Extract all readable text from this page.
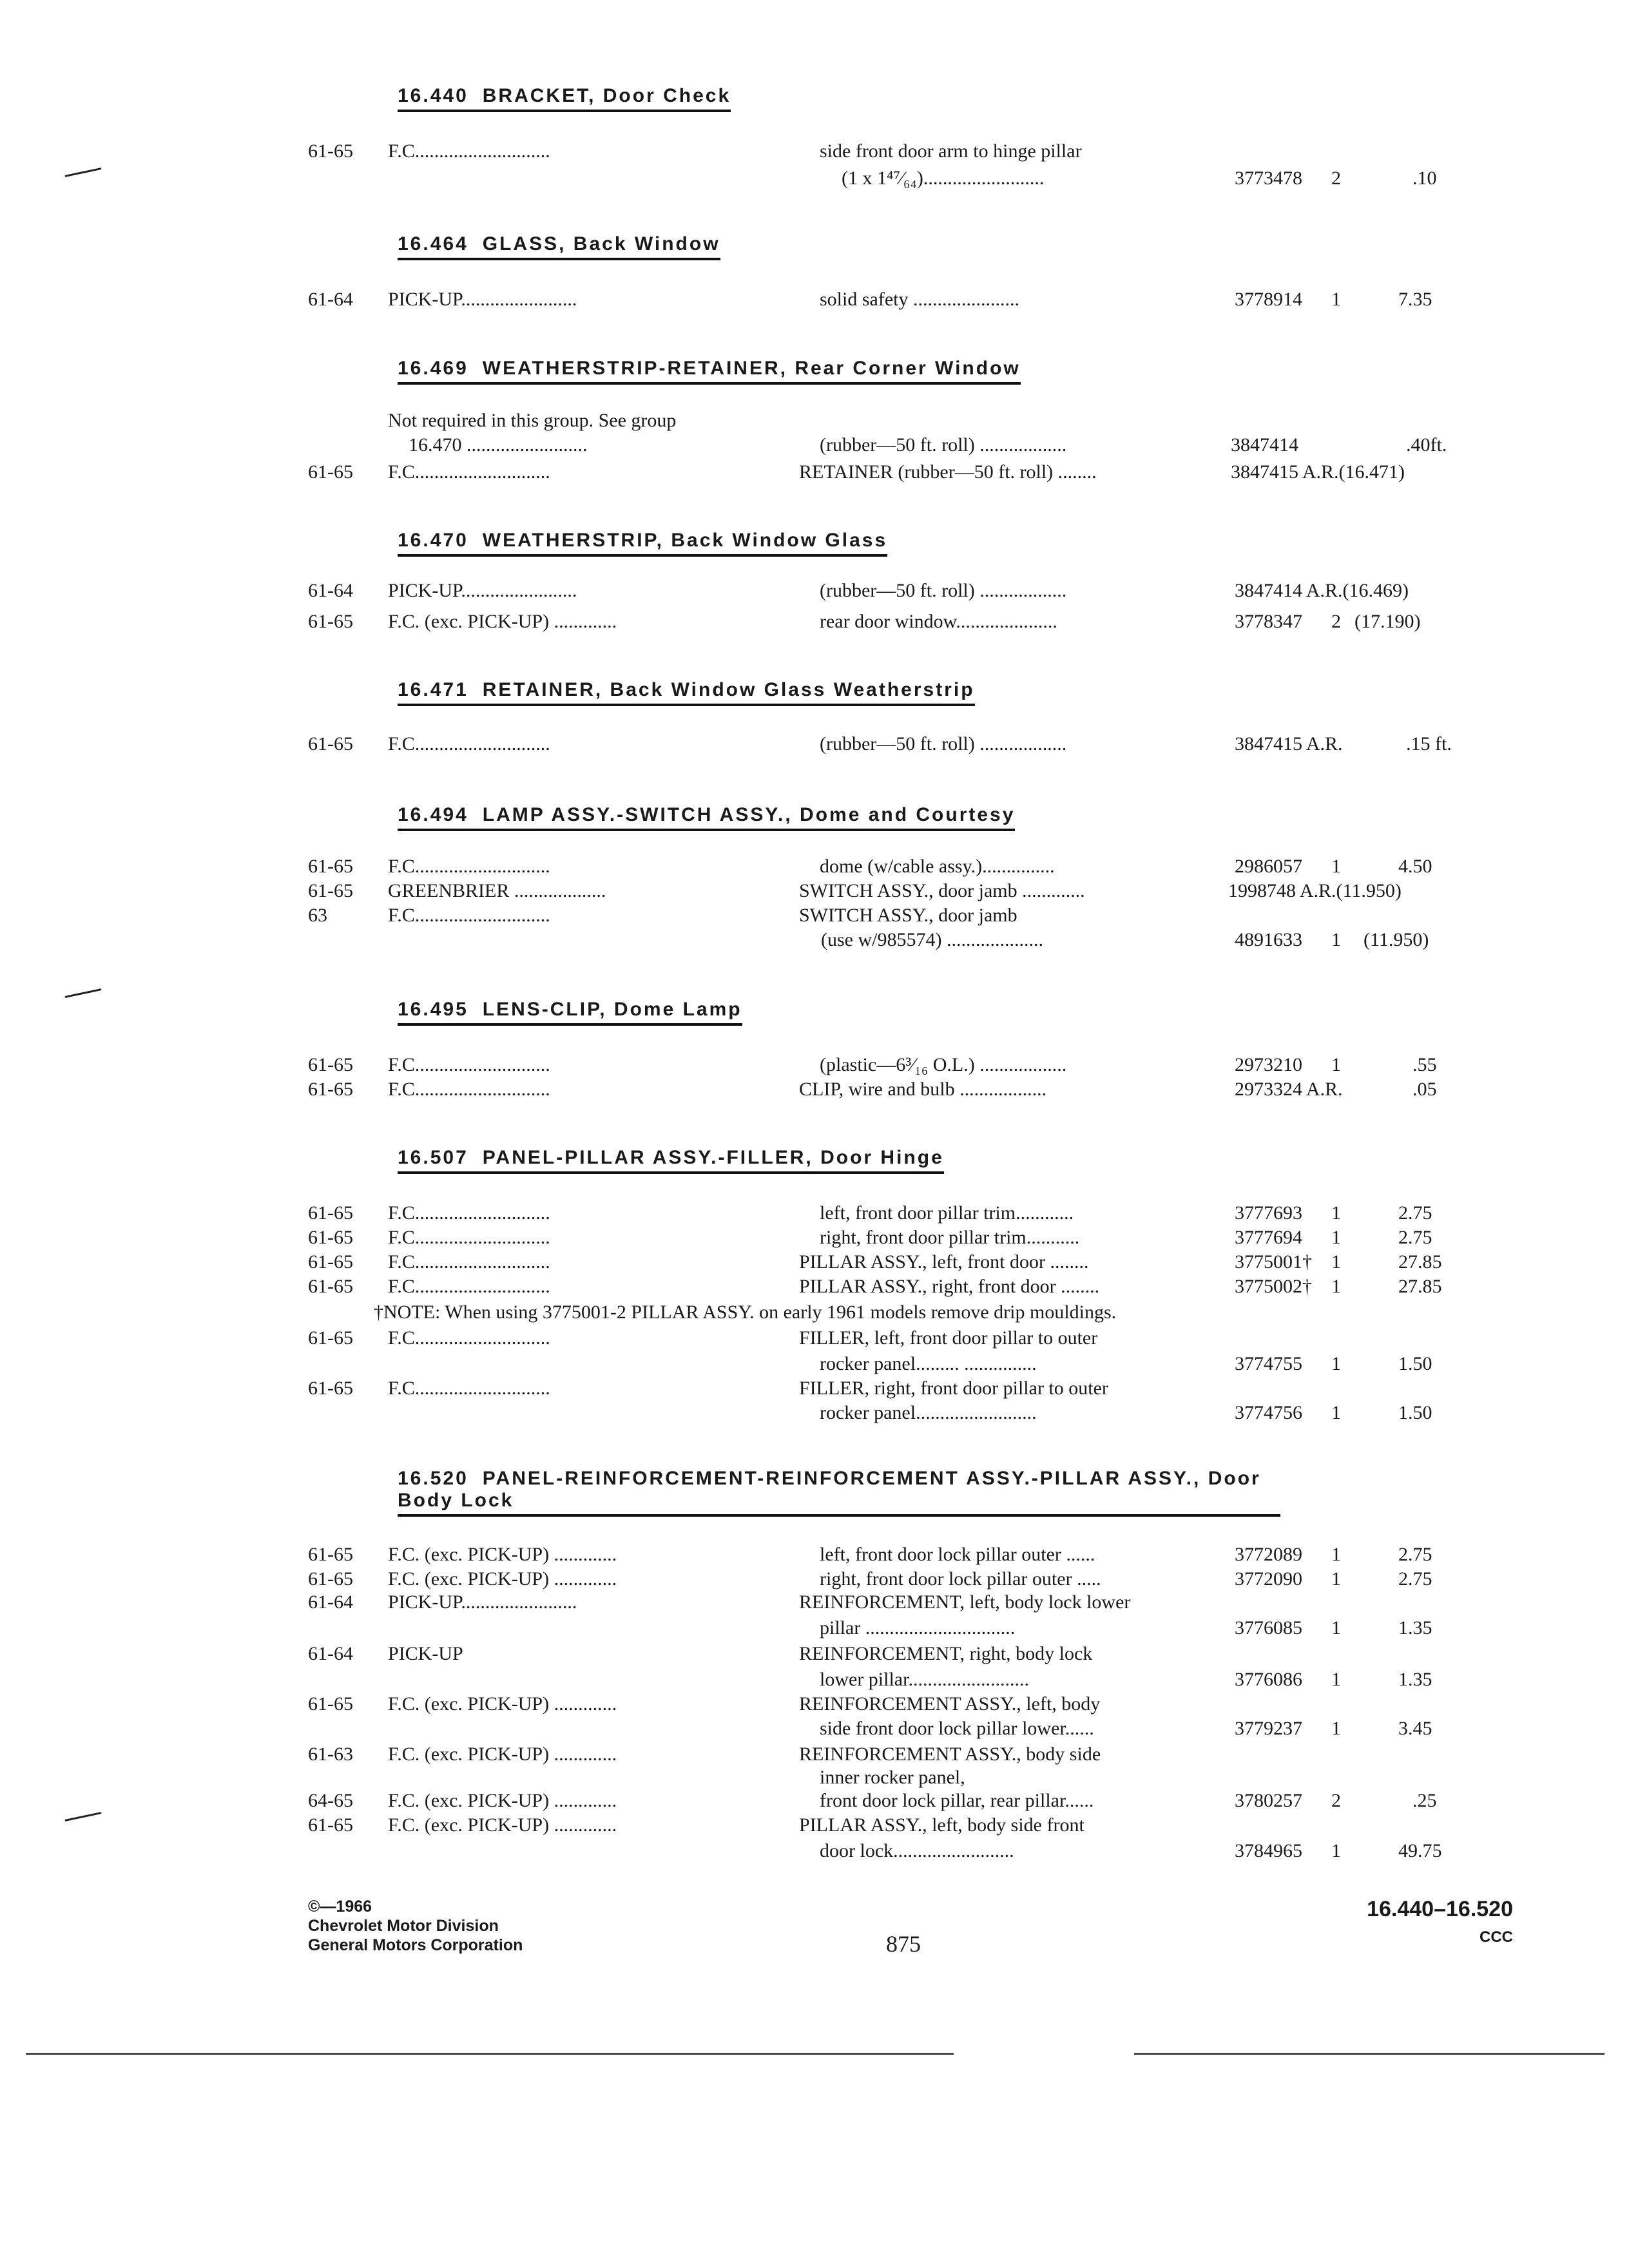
16.440 BRACKET, Door Check
61-65 F.C............................	side front door arm to hinge pillar
(1 x 1⁴⁷⁄₆₄).........................	3773478 2	.10
16.464 GLASS, Back Window
61-64 PICK-UP........................	solid safety ......................	3778914 1	7.35
16.469 WEATHERSTRIP-RETAINER, Rear Corner Window
Not required in this group. See group
16.470 .........................	(rubber—50 ft. roll) ..................	3847414	.40ft.
61-65 F.C............................	RETAINER (rubber—50 ft. roll) ........	3847415 A.R.(16.471)
16.470 WEATHERSTRIP, Back Window Glass
61-64 PICK-UP........................	(rubber—50 ft. roll) ..................	3847414 A.R.(16.469)
61-65 F.C. (exc. PICK-UP) .............	rear door window.....................	3778347 2 (17.190)
16.471 RETAINER, Back Window Glass Weatherstrip
61-65 F.C............................	(rubber—50 ft. roll) ..................	3847415 A.R.	.15 ft.
16.494 LAMP ASSY.-SWITCH ASSY., Dome and Courtesy
61-65 F.C............................	dome (w/cable assy.)...............	2986057 1	4.50
61-65 GREENBRIER ...................	SWITCH ASSY., door jamb .............	1998748 A.R.(11.950)
63	F.C............................	SWITCH ASSY., door jamb
(use w/985574) ....................	4891633 1 (11.950)
16.495 LENS-CLIP, Dome Lamp
61-65 F.C............................	(plastic—6³⁄₁₆ O.L.) ..................	2973210 1	.55
61-65 F.C............................	CLIP, wire and bulb ..................	2973324 A.R.	.05
16.507 PANEL-PILLAR ASSY.-FILLER, Door Hinge
61-65 F.C............................	left, front door pillar trim............	3777693 1	2.75
61-65 F.C............................	right, front door pillar trim...........	3777694 1	2.75
61-65 F.C............................	PILLAR ASSY., left, front door ........	3775001† 1	27.85
61-65 F.C............................	PILLAR ASSY., right, front door ........	3775002† 1	27.85
†NOTE: When using 3775001-2 PILLAR ASSY. on early 1961 models remove drip mouldings.
61-65 F.C............................	FILLER, left, front door pillar to outer
rocker panel......... ...............	3774755 1	1.50
61-65 F.C............................	FILLER, right, front door pillar to outer
rocker panel.........................	3774756 1	1.50
16.520 PANEL-REINFORCEMENT-REINFORCEMENT ASSY.-PILLAR ASSY., Door Body Lock
61-65 F.C. (exc. PICK-UP) .............	left, front door lock pillar outer ......	3772089 1	2.75
61-65 F.C. (exc. PICK-UP) .............	right, front door lock pillar outer .....	3772090 1	2.75
61-64 PICK-UP........................	REINFORCEMENT, left, body lock lower
pillar ...............................	3776085 1	1.35
61-64 PICK-UP	REINFORCEMENT, right, body lock
lower pillar.........................	3776086 1	1.35
61-65 F.C. (exc. PICK-UP) .............	REINFORCEMENT ASSY., left, body
side front door lock pillar lower......	3779237 1	3.45
61-63 F.C. (exc. PICK-UP) .............	REINFORCEMENT ASSY., body side
inner rocker panel,
64-65 F.C. (exc. PICK-UP) .............	front door lock pillar, rear pillar......	3780257 2	.25
61-65 F.C. (exc. PICK-UP) .............	PILLAR ASSY., left, body side front
door lock.........................	3784965 1	49.75
©—1966
Chevrolet Motor Division
General Motors Corporation	875
16.440–16.520
CCC
